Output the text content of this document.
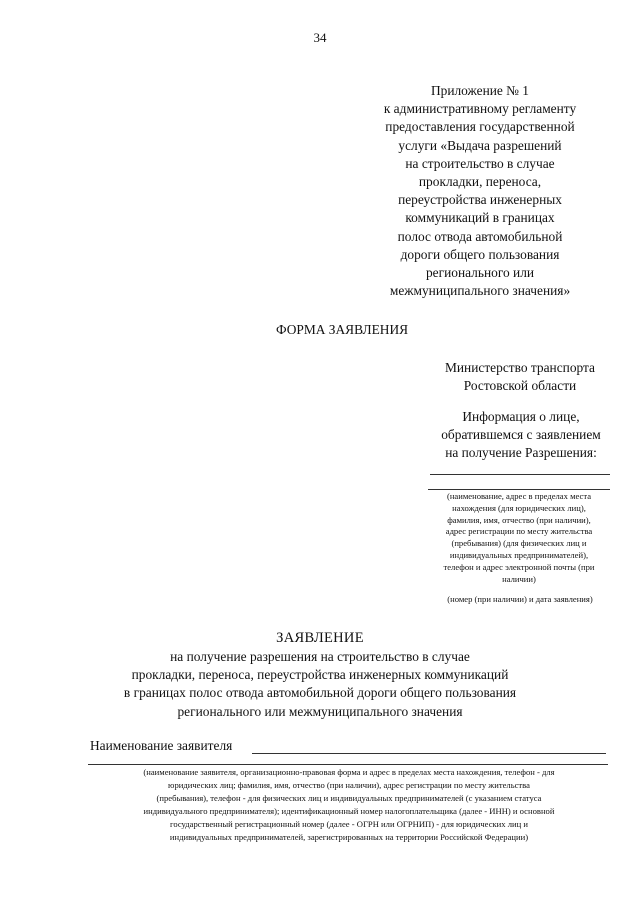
34
Приложение № 1
к административному регламенту
предоставления государственной
услуги «Выдача разрешений
на строительство в случае
прокладки, переноса,
переустройства инженерных
коммуникаций в границах
полос отвода автомобильной
дороги общего пользования
регионального или
межмуниципального значения»
ФОРМА ЗАЯВЛЕНИЯ
Министерство транспорта
Ростовской области
Информация о лице,
обратившемся с заявлением
на получение Разрешения:
(наименование, адрес в пределах места
нахождения (для юридических лиц),
фамилия, имя, отчество (при наличии),
адрес регистрации по месту жительства
(пребывания) (для физических лиц и
индивидуальных предпринимателей),
телефон и адрес электронной почты (при
наличии)
(номер (при наличии) и дата заявления)
ЗАЯВЛЕНИЕ
на получение разрешения на строительство в случае
прокладки, переноса, переустройства инженерных коммуникаций
в границах полос отвода автомобильной дороги общего пользования
регионального или межмуниципального значения
Наименование заявителя
(наименование заявителя, организационно-правовая форма и адрес в пределах места нахождения, телефон - для
юридических лиц; фамилия, имя, отчество (при наличии), адрес регистрации по месту жительства
(пребывания), телефон - для физических лиц и индивидуальных предпринимателей (с указанием статуса
индивидуального предпринимателя); идентификационный номер налогоплательщика (далее - ИНН) и основной
государственный регистрационный номер (далее - ОГРН или ОГРНИП) - для юридических лиц и
индивидуальных предпринимателей, зарегистрированных на территории Российской Федерации)
